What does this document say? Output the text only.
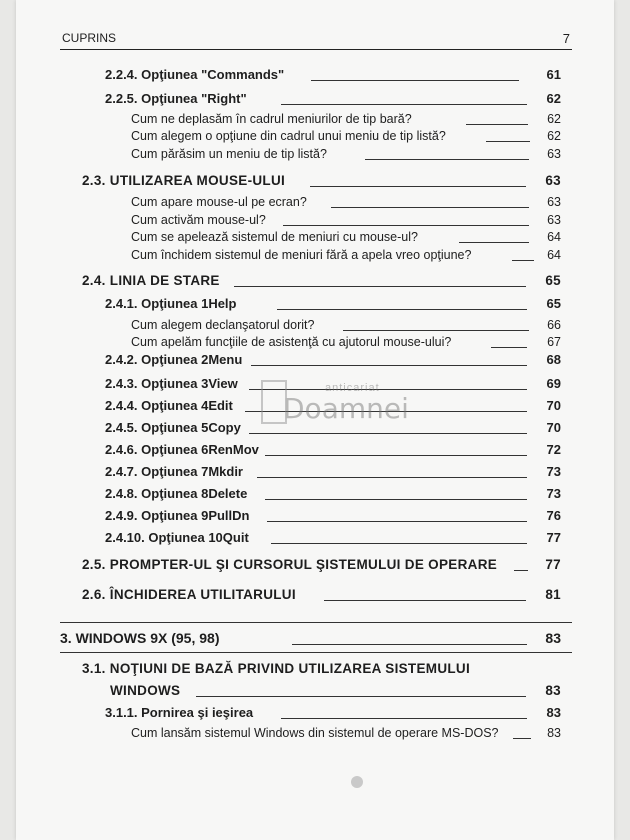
CUPRINS	7
2.2.4. Opţiunea "Commands"	61
2.2.5. Opţiunea "Right"	62
Cum ne deplasăm în cadrul meniurilor de tip bară?	62
Cum alegem o opţiune din cadrul unui meniu de tip listă?	62
Cum părăsim un meniu de tip listă?	63
2.3. UTILIZAREA MOUSE-ULUI	63
Cum apare mouse-ul pe ecran?	63
Cum activăm mouse-ul?	63
Cum se apelează sistemul de meniuri cu mouse-ul?	64
Cum închidem sistemul de meniuri fără a apela vreo opţiune?	64
2.4. LINIA DE STARE	65
2.4.1. Opţiunea 1Help	65
Cum alegem declanşatorul dorit?	66
Cum apelăm funcţiile de asistenţă cu ajutorul mouse-ului?	67
2.4.2. Opţiunea 2Menu	68
2.4.3. Opţiunea 3View	69
2.4.4. Opţiunea 4Edit	70
2.4.5. Opţiunea 5Copy	70
2.4.6. Opţiunea 6RenMov	72
2.4.7. Opţiunea 7Mkdir	73
2.4.8. Opţiunea 8Delete	73
2.4.9. Opţiunea 9PullDn	76
2.4.10. Opţiunea 10Quit	77
2.5. PROMPTER-UL ŞI CURSORUL ŞISTEMULUI DE OPERARE	77
2.6. ÎNCHIDEREA UTILITARULUI	81
3. WINDOWS 9X (95, 98)	83
3.1. NOŢIUNI DE BAZĂ PRIVIND UTILIZAREA SISTEMULUI
WINDOWS	83
3.1.1. Pornirea şi ieşirea	83
Cum lansăm sistemul Windows din sistemul de operare MS-DOS?	83
anticariat
Doamnei
